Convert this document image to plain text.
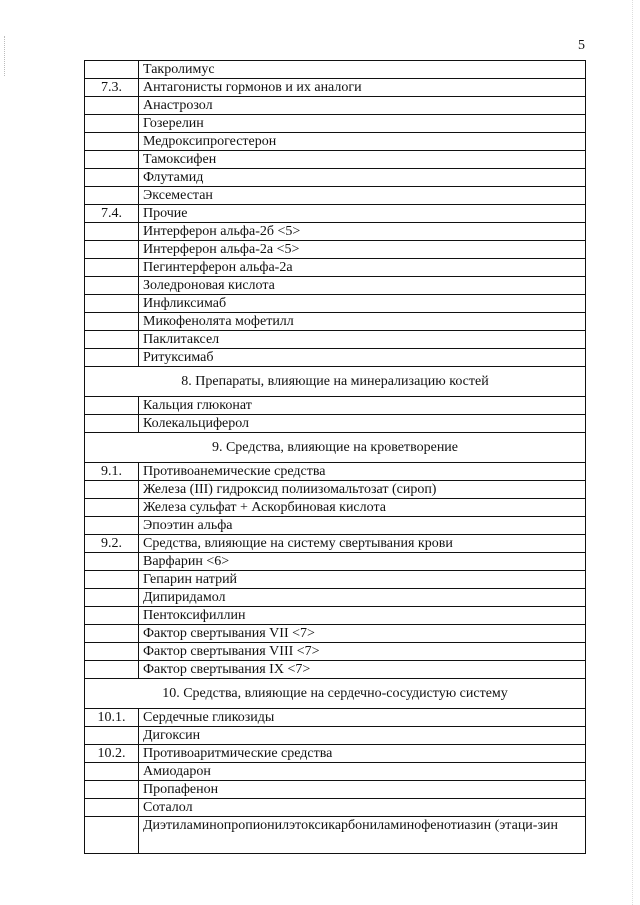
5
	Такролимус
7.3.	Антагонисты гормонов и их аналоги
	Анастрозол
	Гозерелин
	Медроксипрогестерон
	Тамоксифен
	Флутамид
	Эксеместан
7.4.	Прочие
	Интерферон альфа-2б <5>
	Интерферон альфа-2а <5>
	Пегинтерферон альфа-2а
	Золедроновая кислота
	Инфликсимаб
	Микофенолята мофетилл
	Паклитаксел
	Ритуксимаб
8. Препараты, влияющие на минерализацию костей	
	Кальция глюконат
	Колекальциферол
9. Средства, влияющие на кроветворение	
9.1.	Противоанемические средства
	Железа (III) гидроксид полиизомальтозат (сироп)
	Железа сульфат + Аскорбиновая кислота
	Эпоэтин альфа
9.2.	Средства, влияющие на систему свертывания крови
	Варфарин <6>
	Гепарин натрий
	Дипиридамол
	Пентоксифиллин
	Фактор свертывания VII <7>
	Фактор свертывания VIII <7>
	Фактор свертывания IX <7>
10. Средства, влияющие на сердечно-сосудистую систему	
10.1.	Сердечные гликозиды
	Дигоксин
10.2.	Противоаритмические средства
	Амиодарон
	Пропафенон
	Соталол
	Диэтиламинопропионилэтоксикарбониламинофенотиазин (этаци-зин
